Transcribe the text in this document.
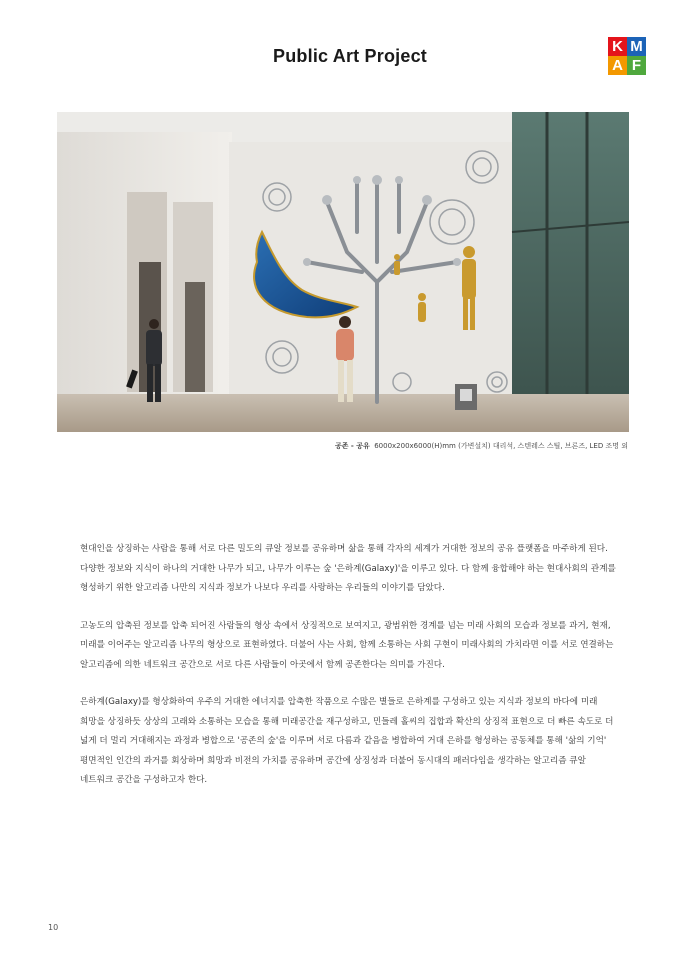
Public Art Project	K M
A F
공존 - 공유 6000x200x6000(H)mm (가변설치) 대리석, 스텐레스 스틸, 브론즈, LED 조명 외

현대인을 상징하는 사람을 통해 서로 다른 밀도의 큐알 정보를 공유하며 삶을 통해 각자의 세계가 거대한 정보의 공유 플랫폼을 마주하게 된다. 다양한 정보와 지식이 하나의 거대한 나무가 되고, 나무가 이루는 숲 '은하계(Galaxy)'을 이루고 있다. 다 함께 융합해야 하는 현대사회의 관계를 형성하기 위한 알고리즘 나만의 지식과 정보가 나보다 우리를 사랑하는 우리들의 이야기를 담았다.

고농도의 압축된 정보를 압축 되어진 사람들의 형상 속에서 상징적으로 보여지고, 광범위한 경계를 넘는 미래 사회의 모습과 정보를 과거, 현재, 미래를 이어주는 알고리즘 나무의 형상으로 표현하였다. 더불어 사는 사회, 함께 소통하는 사회 구현이 미래사회의 가치라면 이를 서로 연결하는 알고리즘에 의한 네트워크 공간으로 서로 다른 사람들이 아곳에서 함께 공존한다는 의미를 가진다.

은하계(Galaxy)를 형상화하여 우주의 거대한 에너지를 압축한 작품으로 수많은 별들로 은하계를 구성하고 있는 지식과 정보의 바다에 미래 희망을 상징하듯 상상의 고래와 소통하는 모습을 통해 미래공간을 재구성하고, 민들레 홀씨의 집합과 확산의 상징적 표현으로 더 빠른 속도로 더 넓게 더 멀리 거대해지는 과정과 병합으로 '공존의 숲'을 이루며 서로 다름과 같음을 병합하여 거대 은하를 형성하는 공동체를 통해 '삶의 기억' 평면적인 인간의 과거를 회상하며 희망과 비전의 가치를 공유하며 공간에 상징성과 더불어 동시대의 패러다임을 생각하는 알고리즘 큐알 네트워크 공간을 구성하고자 한다.

10
